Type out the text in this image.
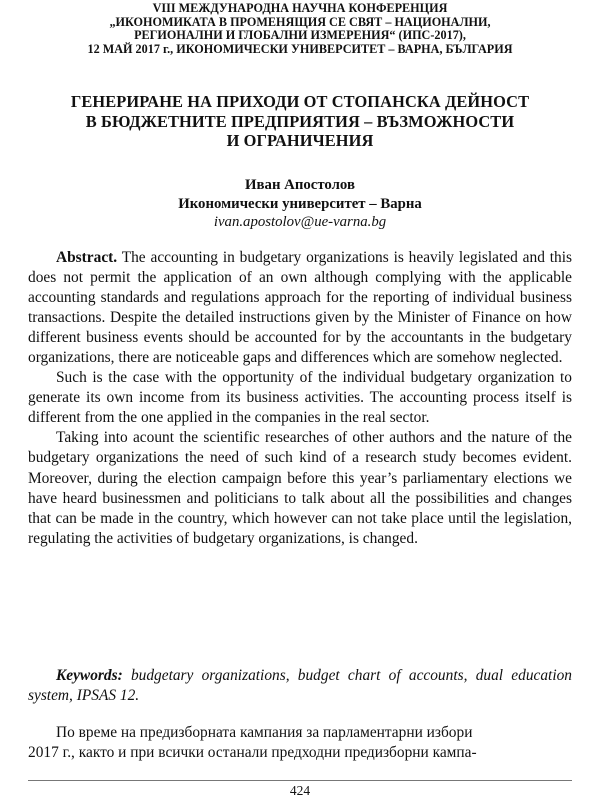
VIII МЕЖДУНАРОДНА НАУЧНА КОНФЕРЕНЦИЯ
„ИКОНОМИКАТА В ПРОМЕНЯЩИЯ СЕ СВЯТ – НАЦИОНАЛНИ,
РЕГИОНАЛНИ И ГЛОБАЛНИ ИЗМЕРЕНИЯ“ (ИПС-2017),
12 МАЙ 2017 г., ИКОНОМИЧЕСКИ УНИВЕРСИТЕТ – ВАРНА, БЪЛГАРИЯ
ГЕНЕРИРАНЕ НА ПРИХОДИ ОТ СТОПАНСКА ДЕЙНОСТ
В БЮДЖЕТНИТЕ ПРЕДПРИЯТИЯ – ВЪЗМОЖНОСТИ
И ОГРАНИЧЕНИЯ
Иван Апостолов
Икономически университет – Варна
ivan.apostolov@ue-varna.bg

Abstract. The accounting in budgetary organizations is heavily legislated and this does not permit the application of an own although complying with the applicable accounting standards and regulations approach for the reporting of individual business transactions. Despite the detailed instructions given by the Minister of Finance on how different business events should be accounted for by the accountants in the budgetary organizations, there are noticeable gaps and differences which are somehow neglected.

Such is the case with the opportunity of the individual budgetary organization to generate its own income from its business activities. The accounting process itself is different from the one applied in the companies in the real sector.

Taking into acount the scientific researches of other authors and the nature of the budgetary organizations the need of such kind of a research study becomes evident. Moreover, during the election campaign before this year’s parliamentary elections we have heard businessmen and politicians to talk about all the possibilities and changes that can be made in the country, which however can not take place until the legislation, regulating the activities of budgetary organizations, is changed.

Keywords: budgetary organizations, budget chart of accounts, dual education system, IPSAS 12.
По време на предизборната кампания за парламентарни избори
2017 г., както и при всички останали предходни предизборни кампа-
424
